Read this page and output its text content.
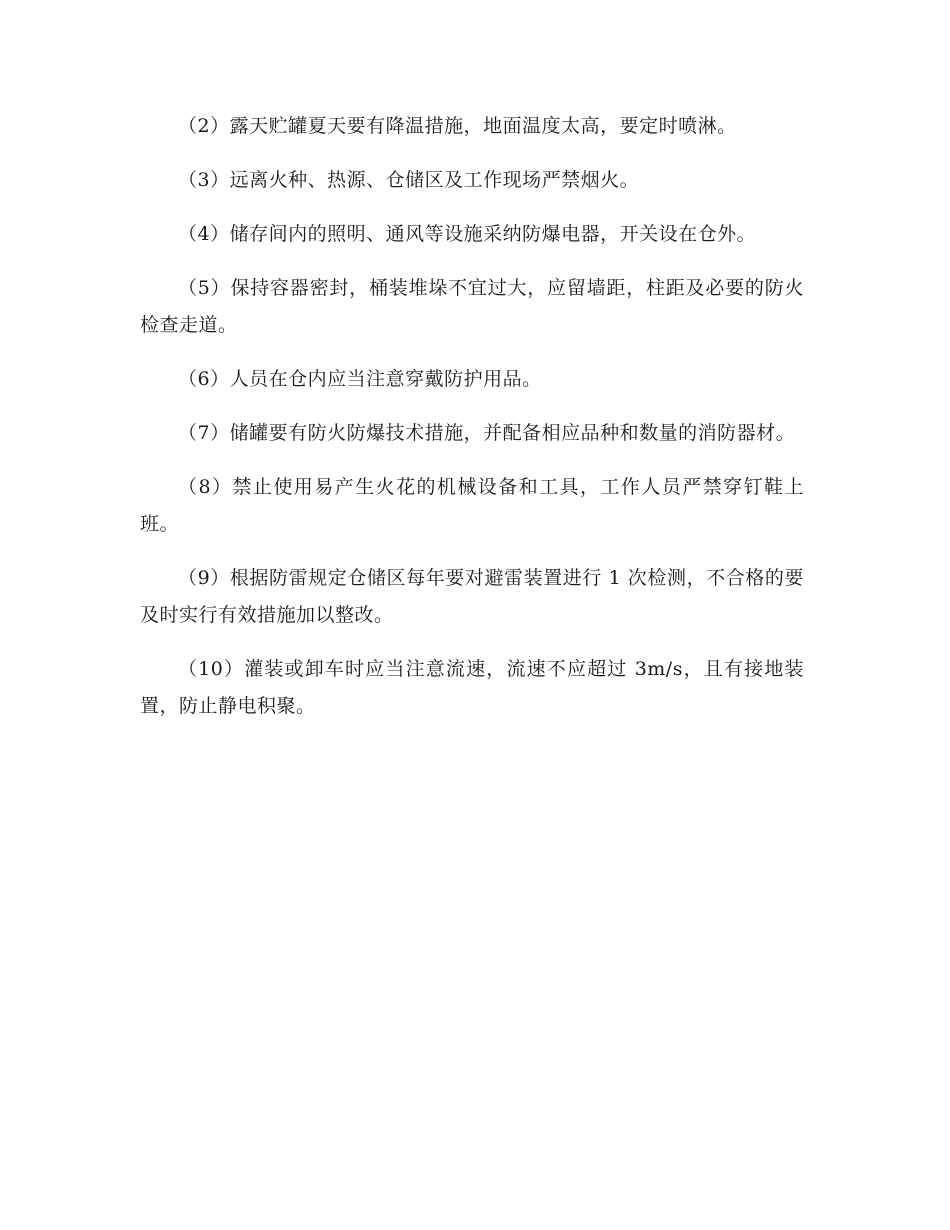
（2）露天贮罐夏天要有降温措施，地面温度太高，要定时喷淋。

（3）远离火种、热源、仓储区及工作现场严禁烟火。

（4）储存间内的照明、通风等设施采纳防爆电器，开关设在仓外。

（5）保持容器密封，桶装堆垛不宜过大，应留墙距，柱距及必要的防火检查走道。

（6）人员在仓内应当注意穿戴防护用品。

（7）储罐要有防火防爆技术措施，并配备相应品种和数量的消防器材。

（8）禁止使用易产生火花的机械设备和工具，工作人员严禁穿钉鞋上班。

（9）根据防雷规定仓储区每年要对避雷装置进行 1 次检测，不合格的要及时实行有效措施加以整改。

（10）灌装或卸车时应当注意流速，流速不应超过 3m/s，且有接地装置，防止静电积聚。
